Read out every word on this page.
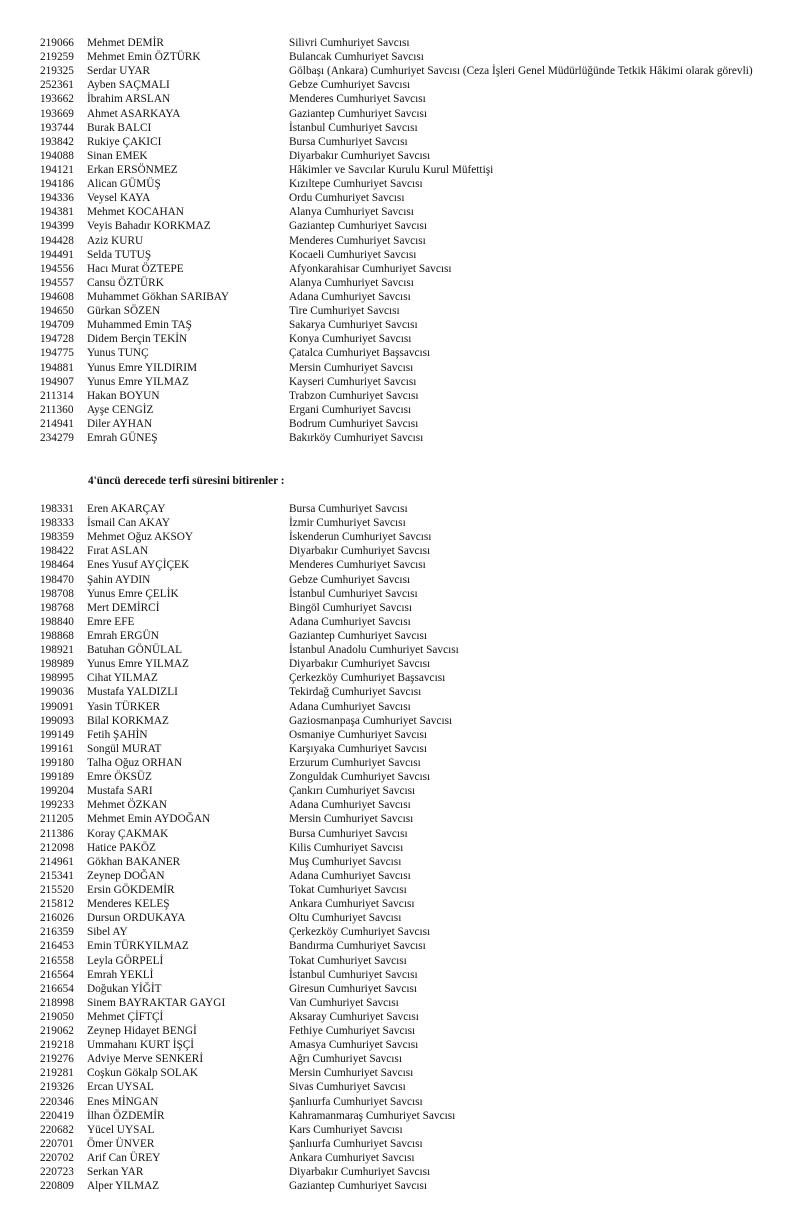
219066 Mehmet DEMİR	Silivri Cumhuriyet Savcısı
219259 Mehmet Emin ÖZTÜRK	Bulancak Cumhuriyet Savcısı
219325 Serdar UYAR	Gölbaşı (Ankara) Cumhuriyet Savcısı (Ceza İşleri Genel Müdürlüğünde Tetkik Hâkimi olarak görevli)
252361 Ayben SAÇMALI	Gebze Cumhuriyet Savcısı
193662 İbrahim ARSLAN	Menderes Cumhuriyet Savcısı
193669 Ahmet ASARKAYA	Gaziantep Cumhuriyet Savcısı
193744 Burak BALCI	İstanbul Cumhuriyet Savcısı
193842 Rukiye ÇAKICI	Bursa Cumhuriyet Savcısı
194088 Sinan EMEK	Diyarbakır Cumhuriyet Savcısı
194121 Erkan ERSÖNMEZ	Hâkimler ve Savcılar Kurulu Kurul Müfettişi
194186 Alican GÜMÜŞ	Kızıltepe Cumhuriyet Savcısı
194336 Veysel KAYA	Ordu Cumhuriyet Savcısı
194381 Mehmet KOCAHAN	Alanya Cumhuriyet Savcısı
194399 Veyis Bahadır KORKMAZ	Gaziantep Cumhuriyet Savcısı
194428 Aziz KURU	Menderes Cumhuriyet Savcısı
194491 Selda TUTUŞ	Kocaeli Cumhuriyet Savcısı
194556 Hacı Murat ÖZTEPE	Afyonkarahisar Cumhuriyet Savcısı
194557 Cansu ÖZTÜRK	Alanya Cumhuriyet Savcısı
194608 Muhammet Gökhan SARIBAY	Adana Cumhuriyet Savcısı
194650 Gürkan SÖZEN	Tire Cumhuriyet Savcısı
194709 Muhammed Emin TAŞ	Sakarya Cumhuriyet Savcısı
194728 Didem Berçin TEKİN	Konya Cumhuriyet Savcısı
194775 Yunus TUNÇ	Çatalca Cumhuriyet Başsavcısı
194881 Yunus Emre YILDIRIM	Mersin Cumhuriyet Savcısı
194907 Yunus Emre YILMAZ	Kayseri Cumhuriyet Savcısı
211314 Hakan BOYUN	Trabzon Cumhuriyet Savcısı
211360 Ayşe CENGİZ	Ergani Cumhuriyet Savcısı
214941 Diler AYHAN	Bodrum Cumhuriyet Savcısı
234279 Emrah GÜNEŞ	Bakırköy Cumhuriyet Savcısı
4'üncü derecede terfi süresini bitirenler :
198331 Eren AKARÇAY	Bursa Cumhuriyet Savcısı
198333 İsmail Can AKAY	İzmir Cumhuriyet Savcısı
198359 Mehmet Oğuz AKSOY	İskenderun Cumhuriyet Savcısı
198422 Fırat ASLAN	Diyarbakır Cumhuriyet Savcısı
198464 Enes Yusuf AYÇİÇEK	Menderes Cumhuriyet Savcısı
198470 Şahin AYDIN	Gebze Cumhuriyet Savcısı
198708 Yunus Emre ÇELİK	İstanbul Cumhuriyet Savcısı
198768 Mert DEMİRCİ	Bingöl Cumhuriyet Savcısı
198840 Emre EFE	Adana Cumhuriyet Savcısı
198868 Emrah ERGÜN	Gaziantep Cumhuriyet Savcısı
198921 Batuhan GÖNÜLAL	İstanbul Anadolu Cumhuriyet Savcısı
198989 Yunus Emre YILMAZ	Diyarbakır Cumhuriyet Savcısı
198995 Cihat YILMAZ	Çerkezköy Cumhuriyet Başsavcısı
199036 Mustafa YALDIZLI	Tekirdağ Cumhuriyet Savcısı
199091 Yasin TÜRKER	Adana Cumhuriyet Savcısı
199093 Bilal KORKMAZ	Gaziosmanpaşa Cumhuriyet Savcısı
199149 Fetih ŞAHİN	Osmaniye Cumhuriyet Savcısı
199161 Songül MURAT	Karşıyaka Cumhuriyet Savcısı
199180 Talha Oğuz ORHAN	Erzurum Cumhuriyet Savcısı
199189 Emre ÖKSÜZ	Zonguldak Cumhuriyet Savcısı
199204 Mustafa SARI	Çankırı Cumhuriyet Savcısı
199233 Mehmet ÖZKAN	Adana Cumhuriyet Savcısı
211205 Mehmet Emin AYDOĞAN	Mersin Cumhuriyet Savcısı
211386 Koray ÇAKMAK	Bursa Cumhuriyet Savcısı
212098 Hatice PAKÖZ	Kilis Cumhuriyet Savcısı
214961 Gökhan BAKANER	Muş Cumhuriyet Savcısı
215341 Zeynep DOĞAN	Adana Cumhuriyet Savcısı
215520 Ersin GÖKDEMİR	Tokat Cumhuriyet Savcısı
215812 Menderes KELEŞ	Ankara Cumhuriyet Savcısı
216026 Dursun ORDUKAYA	Oltu Cumhuriyet Savcısı
216359 Sibel AY	Çerkezköy Cumhuriyet Savcısı
216453 Emin TÜRKYILMAZ	Bandırma Cumhuriyet Savcısı
216558 Leyla GÖRPELİ	Tokat Cumhuriyet Savcısı
216564 Emrah YEKLİ	İstanbul Cumhuriyet Savcısı
216654 Doğukan YİĞİT	Giresun Cumhuriyet Savcısı
218998 Sinem BAYRAKTAR GAYGI	Van Cumhuriyet Savcısı
219050 Mehmet ÇİFTÇİ	Aksaray Cumhuriyet Savcısı
219062 Zeynep Hidayet BENGİ	Fethiye Cumhuriyet Savcısı
219218 Ummahanı KURT İŞÇİ	Amasya Cumhuriyet Savcısı
219276 Adviye Merve SENKERİ	Ağrı Cumhuriyet Savcısı
219281 Coşkun Gökalp SOLAK	Mersin Cumhuriyet Savcısı
219326 Ercan UYSAL	Sivas Cumhuriyet Savcısı
220346 Enes MİNGAN	Şanlıurfa Cumhuriyet Savcısı
220419 İlhan ÖZDEMİR	Kahramanmaraş Cumhuriyet Savcısı
220682 Yücel UYSAL	Kars Cumhuriyet Savcısı
220701 Ömer ÜNVER	Şanlıurfa Cumhuriyet Savcısı
220702 Arif Can ÜREY	Ankara Cumhuriyet Savcısı
220723 Serkan YAR	Diyarbakır Cumhuriyet Savcısı
220809 Alper YILMAZ	Gaziantep Cumhuriyet Savcısı
